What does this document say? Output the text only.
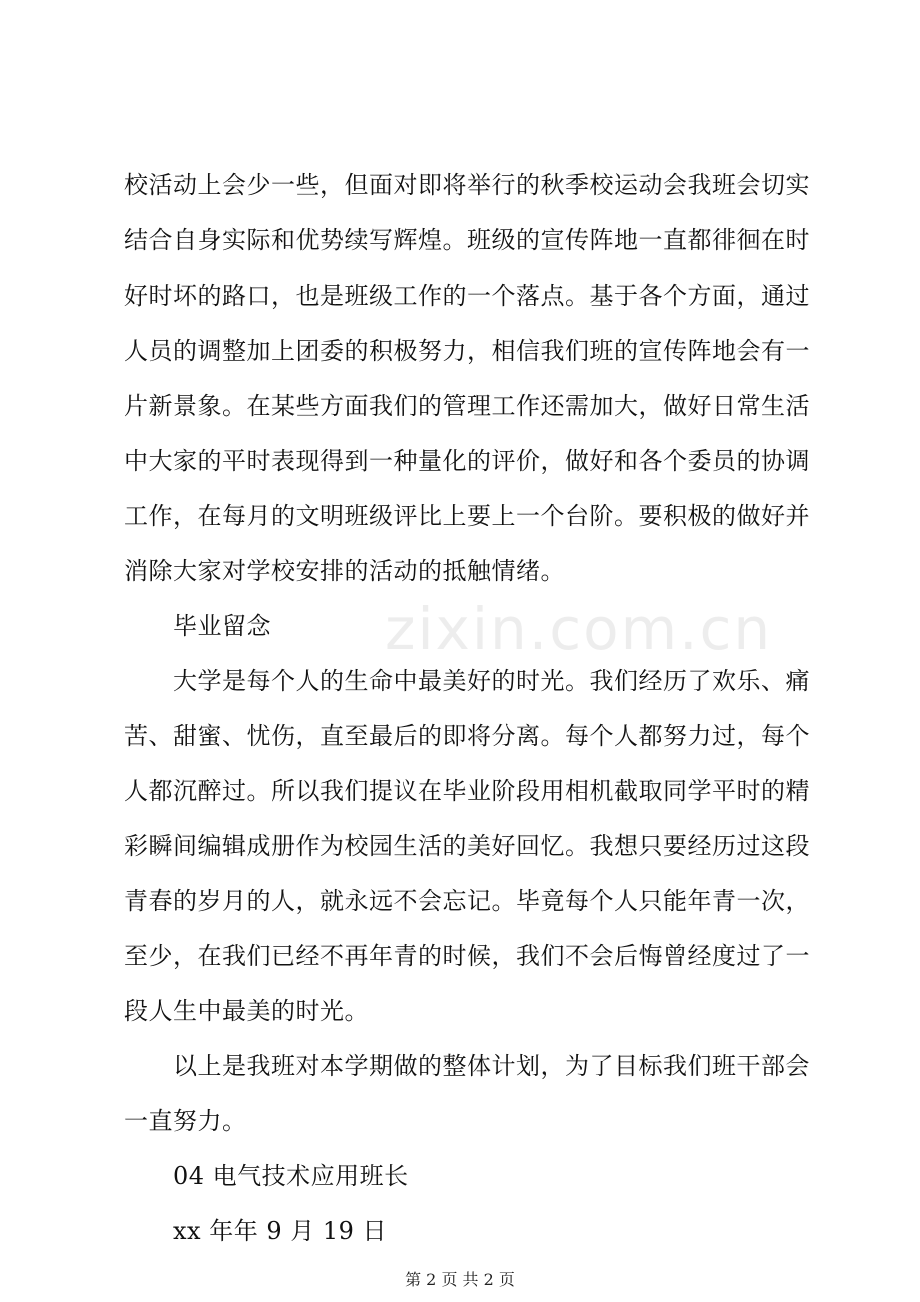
zixin.com.cn
校活动上会少一些，但面对即将举行的秋季校运动会我班会切实
结合自身实际和优势续写辉煌。班级的宣传阵地一直都徘徊在时
好时坏的路口，也是班级工作的一个落点。基于各个方面，通过
人员的调整加上团委的积极努力，相信我们班的宣传阵地会有一
片新景象。在某些方面我们的管理工作还需加大，做好日常生活
中大家的平时表现得到一种量化的评价，做好和各个委员的协调
工作，在每月的文明班级评比上要上一个台阶。要积极的做好并
消除大家对学校安排的活动的抵触情绪。
毕业留念
大学是每个人的生命中最美好的时光。我们经历了欢乐、痛
苦、甜蜜、忧伤，直至最后的即将分离。每个人都努力过，每个
人都沉醉过。所以我们提议在毕业阶段用相机截取同学平时的精
彩瞬间编辑成册作为校园生活的美好回忆。我想只要经历过这段
青春的岁月的人，就永远不会忘记。毕竟每个人只能年青一次，
至少，在我们已经不再年青的时候，我们不会后悔曾经度过了一
段人生中最美的时光。
以上是我班对本学期做的整体计划，为了目标我们班干部会
一直努力。
04 电气技术应用班长
xx 年年 9 月 19 日
第 2 页 共 2 页
